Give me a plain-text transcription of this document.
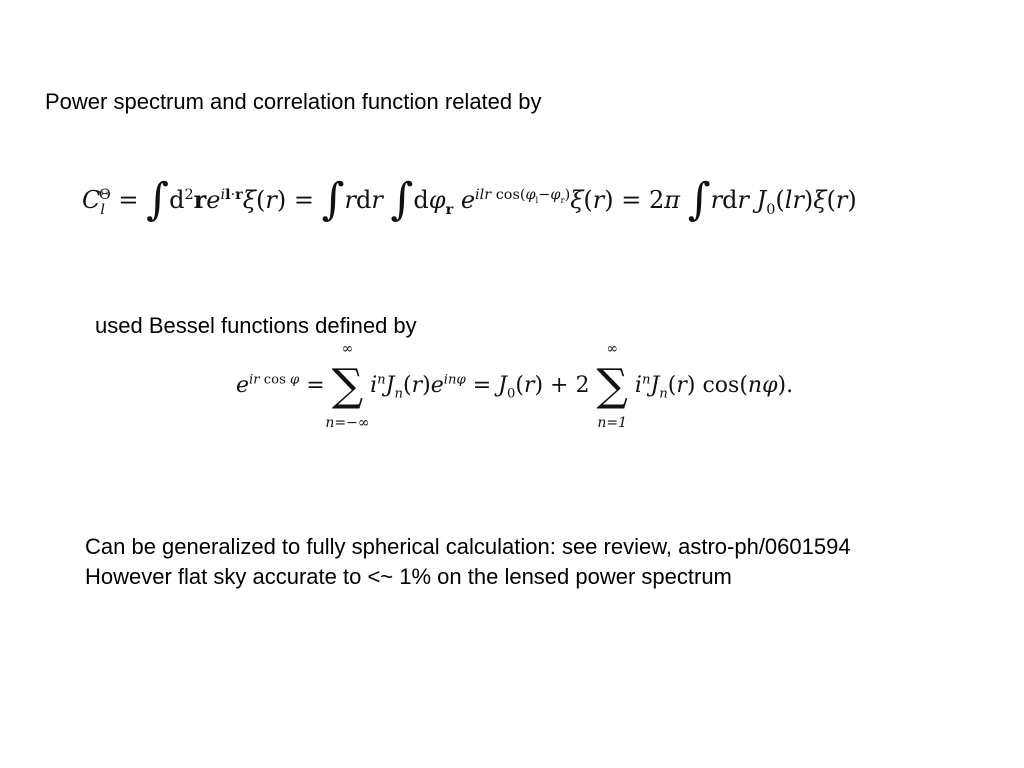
Power spectrum and correlation function related by
$C_l^\Theta = \int d^2re^{il\cdot r}\xi(r) = \int rdr$ $\int d\varphi_r$ $e^{ilr cos(\varphi_l-\varphi_r)}\xi(r) = 2\pi$ ∫rdr $J_0(lr)\xi(r)$
used Bessel functions defined by
$e^{ir cos \varphi}$ =
∞
∑
n=−∞
$i^nJ_n(r)e^{in\varphi} = J_0(r) + 2$
∞
∑
n=1
$i^nJ_n(r)$ cos(nφ).
Can be generalized to fully spherical calculation: see review, astro-ph/0601594
However flat sky accurate to <~ 1% on the lensed power spectrum
